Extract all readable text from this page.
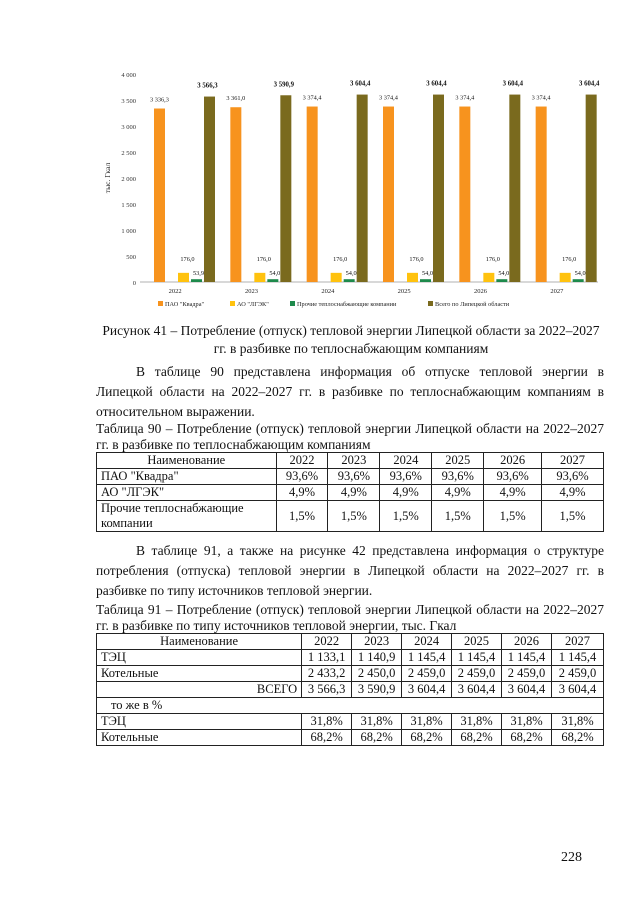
4 000
3 500
3 000
2 500
2 000
1 500
1 000
500
0
тыс. Гкал
2022
3 336,3
176,0
53,9
3 566,3
2023
3 361,0
176,0
54,0
3 590,9
2024
3 374,4
176,0
54,0
3 604,4
2025
3 374,4
176,0
54,0
3 604,4
2026
3 374,4
176,0
54,0
3 604,4
2027
3 374,4
176,0
54,0
3 604,4
ПАО "Квадра"	АО "ЛГЭК"	Прочие теплоснабжающие компании	Всего по Липецкой области
Рисунок 41 – Потребление (отпуск) тепловой энергии Липецкой области за 2022–2027 гг. в разбивке по теплоснабжающим компаниям
В таблице 90 представлена информация об отпуске тепловой энергии в Липецкой области на 2022–2027 гг. в разбивке по теплоснабжающим компаниям в относительном выражении.
Таблица 90 – Потребление (отпуск) тепловой энергии Липецкой области на 2022–2027 гг. в разбивке по теплоснабжающим компаниям
Наименование	2022	2023	2024	2025	2026	2027
ПАО "Квадра"	93,6%	93,6%	93,6%	93,6%	93,6%	93,6%
АО "ЛГЭК"	4,9%	4,9%	4,9%	4,9%	4,9%	4,9%
Прочие теплоснабжающие компании	1,5%	1,5%	1,5%	1,5%	1,5%	1,5%
В таблице 91, а также на рисунке 42 представлена информация о структуре потребления (отпуска) тепловой энергии в Липецкой области на 2022–2027 гг. в разбивке по типу источников тепловой энергии.
Таблица 91 – Потребление (отпуск) тепловой энергии Липецкой области на 2022–2027 гг. в разбивке по типу источников тепловой энергии, тыс. Гкал
Наименование	2022	2023	2024	2025	2026	2027
ТЭЦ	1 133,1	1 140,9	1 145,4	1 145,4	1 145,4	1 145,4
Котельные	2 433,2	2 450,0	2 459,0	2 459,0	2 459,0	2 459,0
ВСЕГО	3 566,3	3 590,9	3 604,4	3 604,4	3 604,4	3 604,4
то же в %						
ТЭЦ	31,8%	31,8%	31,8%	31,8%	31,8%	31,8%
Котельные	68,2%	68,2%	68,2%	68,2%	68,2%	68,2%
228
